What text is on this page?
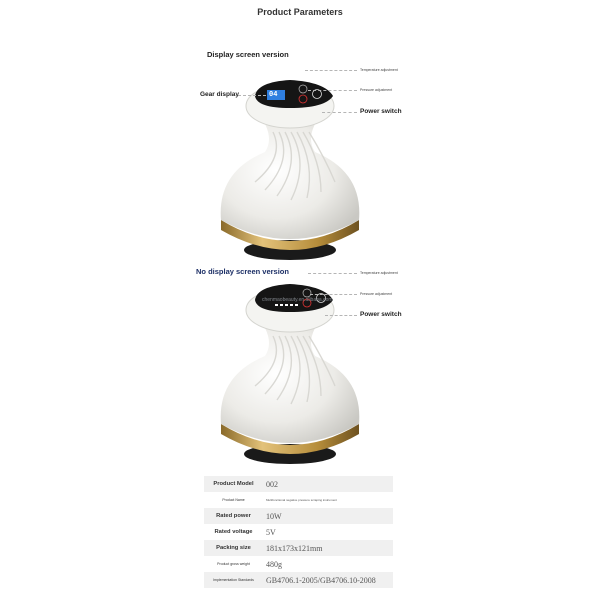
Product Parameters
Display screen version
04
Gear display
Temperature adjustment
Pressure adjustment
Power switch
No display screen version
chenmaobeauty.en.alibaba.com
Temperature adjustment
Pressure adjustment
Power switch
Product Model	002
Product Name	Multifunctional negative pressure scraping instrument
Rated power	10W
Rated voltage	5V
Packing size	181x173x121mm
Product gross weight	480g
Implementation Standards	GB4706.1-2005/GB4706.10-2008
